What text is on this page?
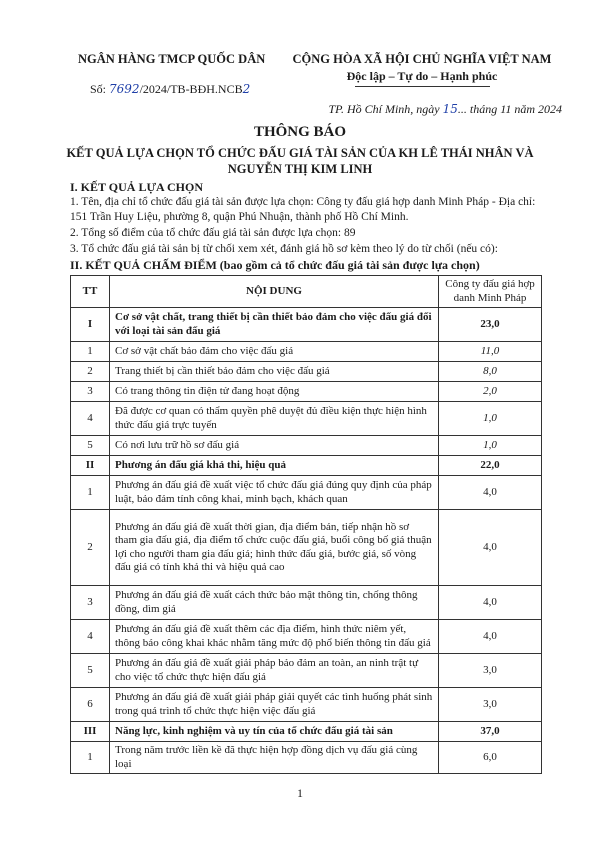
NGÂN HÀNG TMCP QUỐC DÂN	CỘNG HÒA XÃ HỘI CHỦ NGHĨA VIỆT NAM
Độc lập – Tự do – Hạnh phúc
Số: 7692/2024/TB-BĐH.NCB2
TP. Hồ Chí Minh, ngày 15... tháng 11 năm 2024
THÔNG BÁO
KẾT QUẢ LỰA CHỌN TỔ CHỨC ĐẤU GIÁ TÀI SẢN CỦA KH LÊ THÁI NHÂN VÀ NGUYỄN THỊ KIM LINH
I. KẾT QUẢ LỰA CHỌN
1. Tên, địa chỉ tổ chức đấu giá tài sản được lựa chọn: Công ty đấu giá hợp danh Minh Pháp - Địa chỉ: 151 Trần Huy Liệu, phường 8, quận Phú Nhuận, thành phố Hồ Chí Minh.
2. Tổng số điểm của tổ chức đấu giá tài sản được lựa chọn: 89
3. Tổ chức đấu giá tài sản bị từ chối xem xét, đánh giá hồ sơ kèm theo lý do từ chối (nếu có):
II. KẾT QUẢ CHẤM ĐIỂM (bao gồm cả tổ chức đấu giá tài sản được lựa chọn)
TT	NỘI DUNG	Công ty đấu giá hợp danh Minh Pháp
I	Cơ sở vật chất, trang thiết bị cần thiết bảo đảm cho việc đấu giá đối với loại tài sản đấu giá	23,0
1	Cơ sở vật chất bảo đảm cho việc đấu giá	11,0
2	Trang thiết bị cần thiết bảo đảm cho việc đấu giá	8,0
3	Có trang thông tin điện tử đang hoạt động	2,0
4	Đã được cơ quan có thẩm quyền phê duyệt đủ điều kiện thực hiện hình thức đấu giá trực tuyến	1,0
5	Có nơi lưu trữ hồ sơ đấu giá	1,0
II	Phương án đấu giá khả thi, hiệu quả	22,0
1	Phương án đấu giá đề xuất việc tổ chức đấu giá đúng quy định của pháp luật, bảo đảm tính công khai, minh bạch, khách quan	4,0
2	Phương án đấu giá đề xuất thời gian, địa điểm bán, tiếp nhận hồ sơ tham gia đấu giá, địa điểm tổ chức cuộc đấu giá, buổi công bố giá thuận lợi cho người tham gia đấu giá; hình thức đấu giá, bước giá, số vòng đấu giá có tính khả thi và hiệu quả cao	4,0
3	Phương án đấu giá đề xuất cách thức bảo mật thông tin, chống thông đồng, dìm giá	4,0
4	Phương án đấu giá đề xuất thêm các địa điểm, hình thức niêm yết, thông báo công khai khác nhằm tăng mức độ phổ biến thông tin đấu giá	4,0
5	Phương án đấu giá đề xuất giải pháp bảo đảm an toàn, an ninh trật tự cho việc tổ chức thực hiện đấu giá	3,0
6	Phương án đấu giá đề xuất giải pháp giải quyết các tình huống phát sinh trong quá trình tổ chức thực hiện việc đấu giá	3,0
III	Năng lực, kinh nghiệm và uy tín của tổ chức đấu giá tài sản	37,0
1	Trong năm trước liền kề đã thực hiện hợp đồng dịch vụ đấu giá cùng loại	6,0
1
